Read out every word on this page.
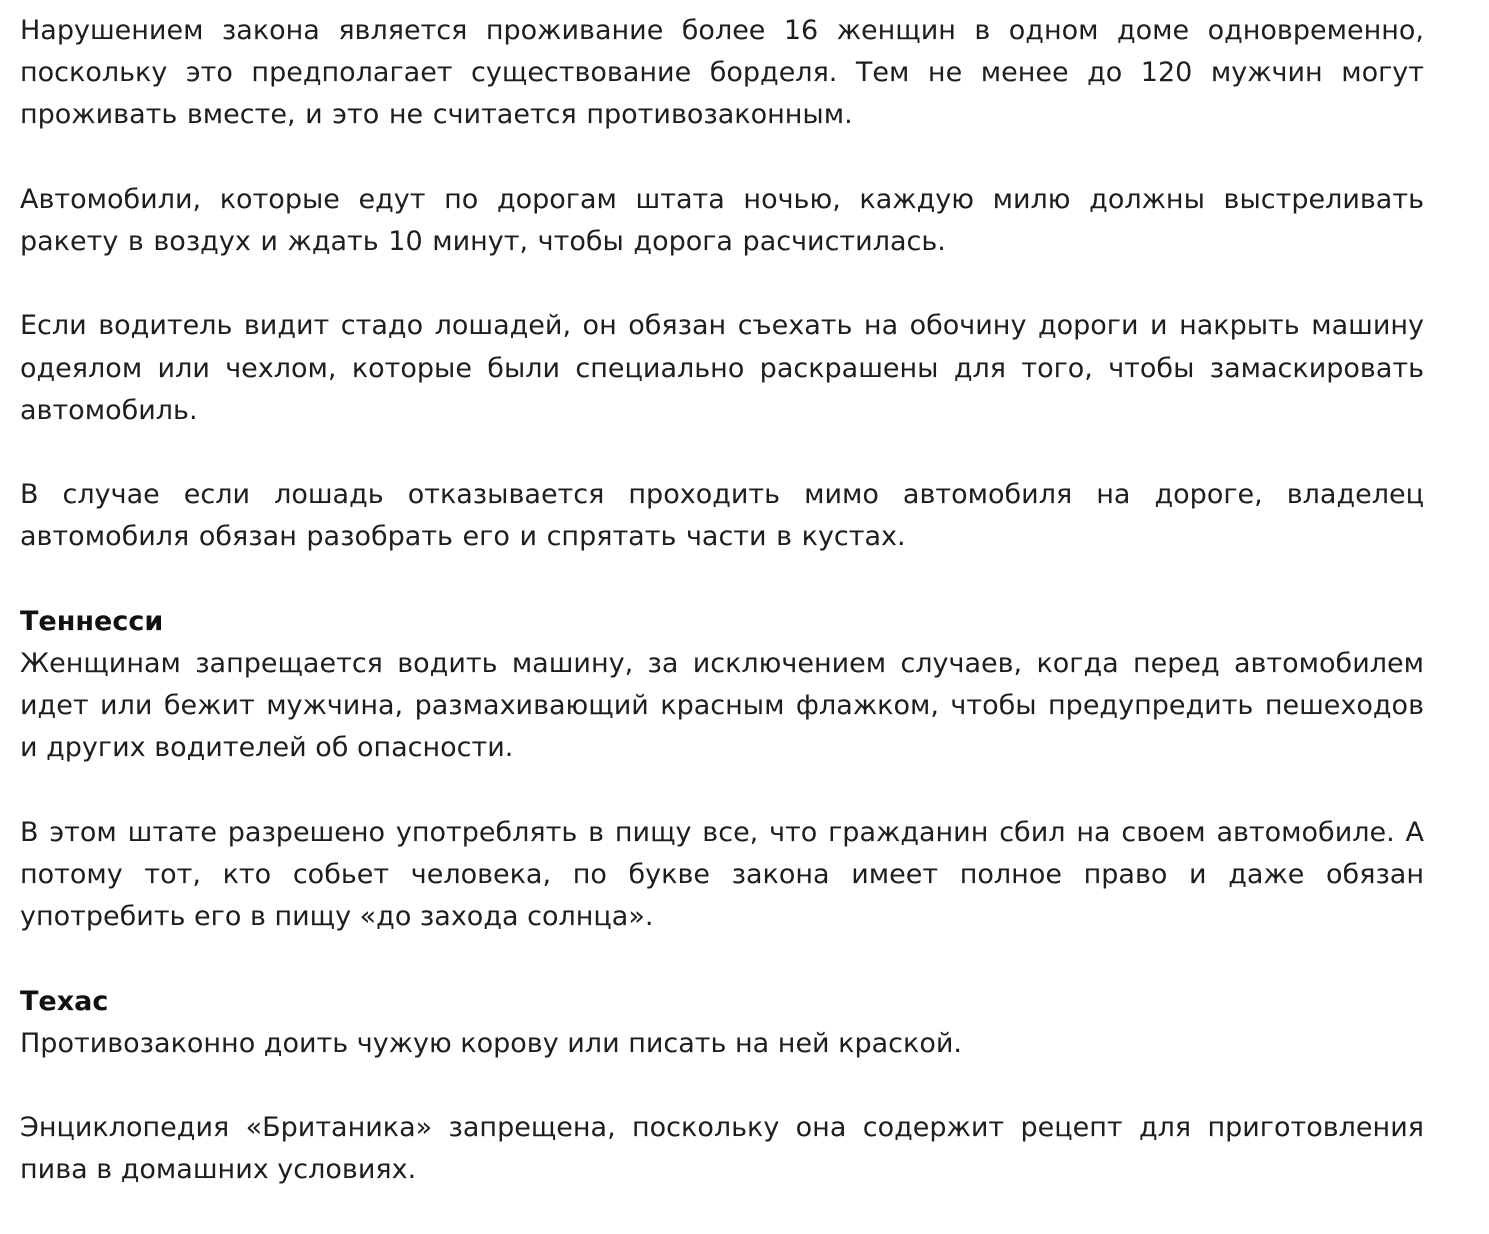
Нарушением закона является проживание более 16 женщин в одном доме одновременно, поскольку это предполагает существование борделя. Тем не менее до 120 мужчин могут проживать вместе, и это не считается противозаконным.

Автомобили, которые едут по дорогам штата ночью, каждую милю должны выстреливать ракету в воздух и ждать 10 минут, чтобы дорога расчистилась.

Если водитель видит стадо лошадей, он обязан съехать на обочину дороги и накрыть машину одеялом или чехлом, которые были специально раскрашены для того, чтобы замаскировать автомобиль.

В случае если лошадь отказывается проходить мимо автомобиля на дороге, владелец автомобиля обязан разобрать его и спрятать части в кустах.

Теннесси

Женщинам запрещается водить машину, за исключением случаев, когда перед автомобилем идет или бежит мужчина, размахивающий красным флажком, чтобы предупредить пешеходов и других водителей об опасности.

В этом штате разрешено употреблять в пищу все, что гражданин сбил на своем автомобиле. А потому тот, кто собьет человека, по букве закона имеет полное право и даже обязан употребить его в пищу «до захода солнца».

Техас

Противозаконно доить чужую корову или писать на ней краской.

Энциклопедия «Британика» запрещена, поскольку она содержит рецепт для приготовления пива в домашних условиях.
